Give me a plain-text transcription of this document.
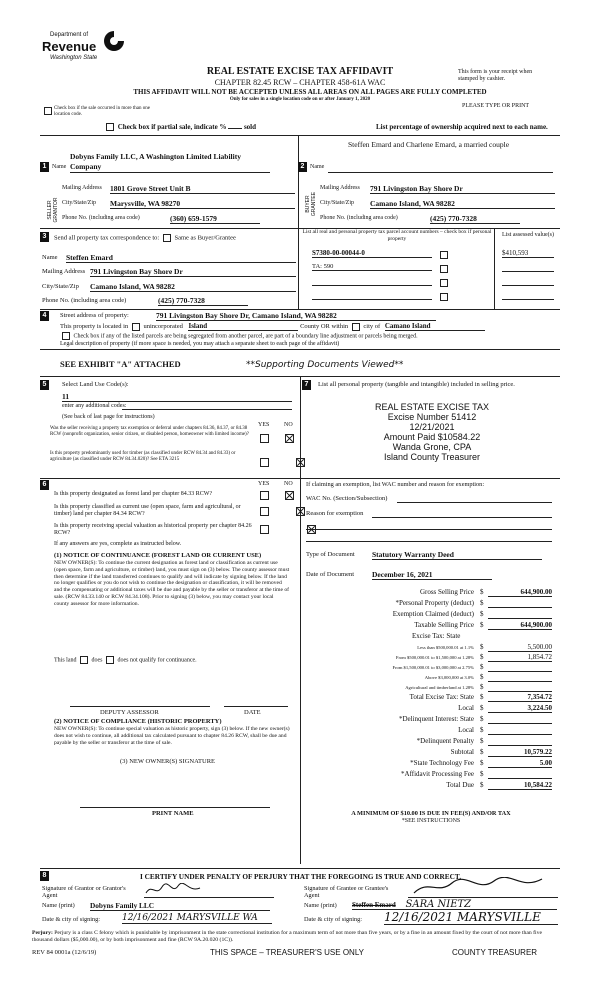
Department of
Revenue
Washington State
REAL ESTATE EXCISE TAX AFFIDAVIT
CHAPTER 82.45 RCW – CHAPTER 458-61A WAC
THIS AFFIDAVIT WILL NOT BE ACCEPTED UNLESS ALL AREAS ON ALL PAGES ARE FULLY COMPLETED
Only for sales in a single location code on or after January 1, 2020
This form is your receipt when stamped by cashier.
PLEASE TYPE OR PRINT
Check box if the sale occurred in more than one location code.
Check box if partial sale, indicate %	sold	List percentage of ownership acquired next to each name.
1
SELLER GRANTOR
Name
Dobyns Family LLC, A Washington Limited Liability Company
Mailing Address 1801 Grove Street Unit B
City/State/Zip Marysville, WA 98270
Phone No. (including area code)	(360) 659-1579
Steffen Emard and Charlene Emard, a married couple
2 Name
BUYER GRANTEE
Mailing Address 791 Livingston Bay Shore Dr
City/State/Zip Camano Island, WA 98282
Phone No. (including area code)	(425) 770-7328
3	Send all property tax correspondence to: Same as Buyer/Grantee
Name Steffen Emard
Mailing Address 791 Livingston Bay Shore Dr
City/State/Zip Camano Island, WA 98282
Phone No. (including area code)	(425) 770-7328
List all real and personal property tax parcel account numbers – check box if personal property
List assessed value(s)
S7380-00-00044-0	$410,593
TA: 590
4	Street address of property:	791 Livingston Bay Shore Dr, Camano Island, WA 98282
This property is located in unincorporated Island	County OR within city of Camano Island
Check box if any of the listed parcels are being segregated from another parcel, are part of a boundary line adjustment or parcels being merged.
Legal description of property (if more space is needed, you may attach a separate sheet to each page of the affidavit)
SEE EXHIBIT "A" ATTACHED	**Supporting Documents Viewed**
5	Select Land Use Code(s):
11
enter any additional codes:
(See back of last page for instructions)
YES NO
Was the seller receiving a property tax exemption or deferral under chapters 84.36, 84.37, or 84.38 RCW (nonprofit organization, senior citizen, or disabled person, homeowner with limited income)?

Is this property predominantly used for timber (as classified under RCW 84.34 and 84.33) or agriculture (as classified under RCW 84.34.020)? See ETA 3215
6	YES NO
Is this property designated as forest land per chapter 84.33 RCW?

Is this property classified as current use (open space, farm and agricultural, or timber) land per chapter 84.34 RCW?

Is this property receiving special valuation as historical property per chapter 84.26 RCW?
If any answers are yes, complete as instructed below.
(1) NOTICE OF CONTINUANCE (FOREST LAND OR CURRENT USE)
NEW OWNER(S): To continue the current designation as forest land or classification as current use (open space, farm and agriculture, or timber) land, you must sign on (3) below. The county assessor must then determine if the land transferred continues to qualify and will indicate by signing below. If the land no longer qualifies or you do not wish to continue the designation or classification, it will be removed and the compensating or additional taxes will be due and payable by the seller or transferor at the time of sale. (RCW 84.33.140 or RCW 84.34.108). Prior to signing (3) below, you may contact your local county assessor for more information.
This land	does	does not qualify for continuance.
DEPUTY ASSESSOR	DATE
(2) NOTICE OF COMPLIANCE (HISTORIC PROPERTY)
NEW OWNER(S): To continue special valuation as historic property, sign (3) below. If the new owner(s) does not wish to continue, all additional tax calculated pursuant to chapter 84.26 RCW, shall be due and payable by the seller or transferor at the time of sale.
(3) NEW OWNER(S) SIGNATURE
PRINT NAME
7	List all personal property (tangible and intangible) included in selling price.
REAL ESTATE EXCISE TAX
Excise Number 51412
12/21/2021
Amount Paid $10584.22
Wanda Grone, CPA
Island County Treasurer
If claiming an exemption, list WAC number and reason for exemption:
WAC No. (Section/Subsection)
Reason for exemption
Type of Document Statutory Warranty Deed
Date of Document December 16, 2021
Gross Selling Price $	644,900.00
*Personal Property (deduct) $
Exemption Claimed (deduct) $
Taxable Selling Price $	644,900.00
Excise Tax: State
Less than $500,000.01 at 1.1% $	5,500.00
From $500,000.01 to $1,500,000 at 1.28% $	1,854.72
From $1,500,000.01 to $3,000,000 at 2.75% $
Above $3,000,000 at 3.0% $
Agricultural and timberland at 1.28% $
Total Excise Tax: State $	7,354.72
Local $	3,224.50
*Delinquent Interest: State $
Local $
*Delinquent Penalty $
Subtotal $	10,579.22
*State Technology Fee $	5.00
*Affidavit Processing Fee $
Total Due $	10,584.22
A MINIMUM OF $10.00 IS DUE IN FEE(S) AND/OR TAX
*SEE INSTRUCTIONS
8	I CERTIFY UNDER PENALTY OF PERJURY THAT THE FOREGOING IS TRUE AND CORRECT.
Signature of Grantor or Grantor's Agent
Name (print) Dobyns Family LLC
Date & city of signing: 12/16/2021 MARYSVILLE WA
Signature of Grantee or Grantee's Agent
Name (print) Steffen Emard SARA NIETZ
Date & city of signing: 12/16/2021 MARYSVILLE
Perjury: Perjury is a class C felony which is punishable by imprisonment in the state correctional institution for a maximum term of not more than five years, or by a fine in an amount fixed by the court of not more than five thousand dollars ($5,000.00), or by both imprisonment and fine (RCW 9A.20.020 (1C)).
REV 84 0001a (12/6/19)	THIS SPACE – TREASURER'S USE ONLY	COUNTY TREASURER
